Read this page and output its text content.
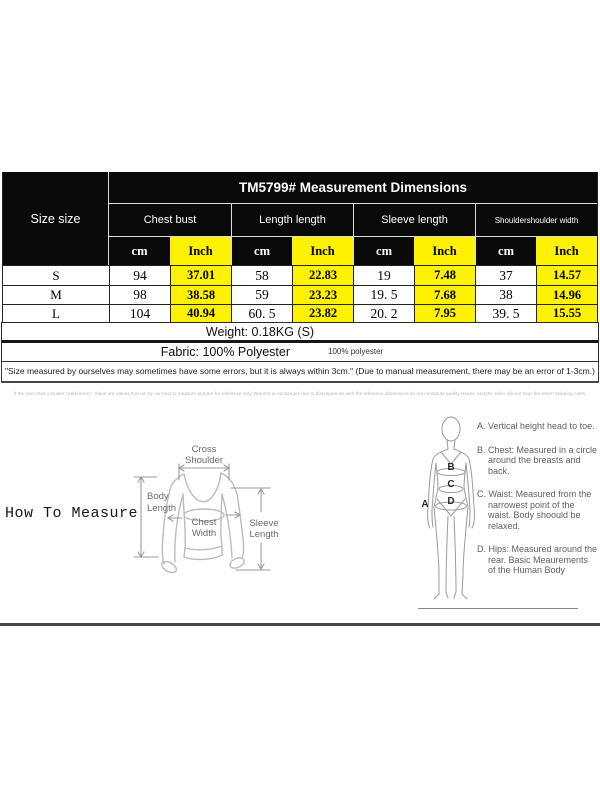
Size size
TM5799# Measurement Dimensions
Chest bust	Length length	Sleeve length	Shouldershoulder width
cm	Inch	cm	Inch	cm	Inch	cm	Inch
S	94	37.01	58	22.83	19	7.48	37	14.57
M	98	38.58	59	23.23	19. 5	7.68	38	14.96
L	104	40.94	60. 5	23.82	20. 2	7.95	39. 5	15.55
Weight: 0.18KG (S)
Fabric: 100% Polyester	100% polyester
"Size measured by ourselves may sometimes have some errors, but it is always within 3cm." (Due to manual measurement, there may be an error of 1-3cm.)
If the size chart includes "(reference)", these are values that we try our best to measure and are for reference only. Returns or exchanges due to discrepancies with the reference dimensions do not constitute quality issues, and the seller will not bear the return shipping costs.
How To Measure
Cross
Shoulder
Body
Length
Chest
Width
Sleeve
Length
B
C
D
A

A. Vertical height head to toe.

B. Chest: Measured in a circle around the breasts and back.

C. Waist: Measured from the narrowest point of the waist. Body shoould be relaxed.

D. Hips: Measured around the rear. Basic Meaurements of the Human Body
